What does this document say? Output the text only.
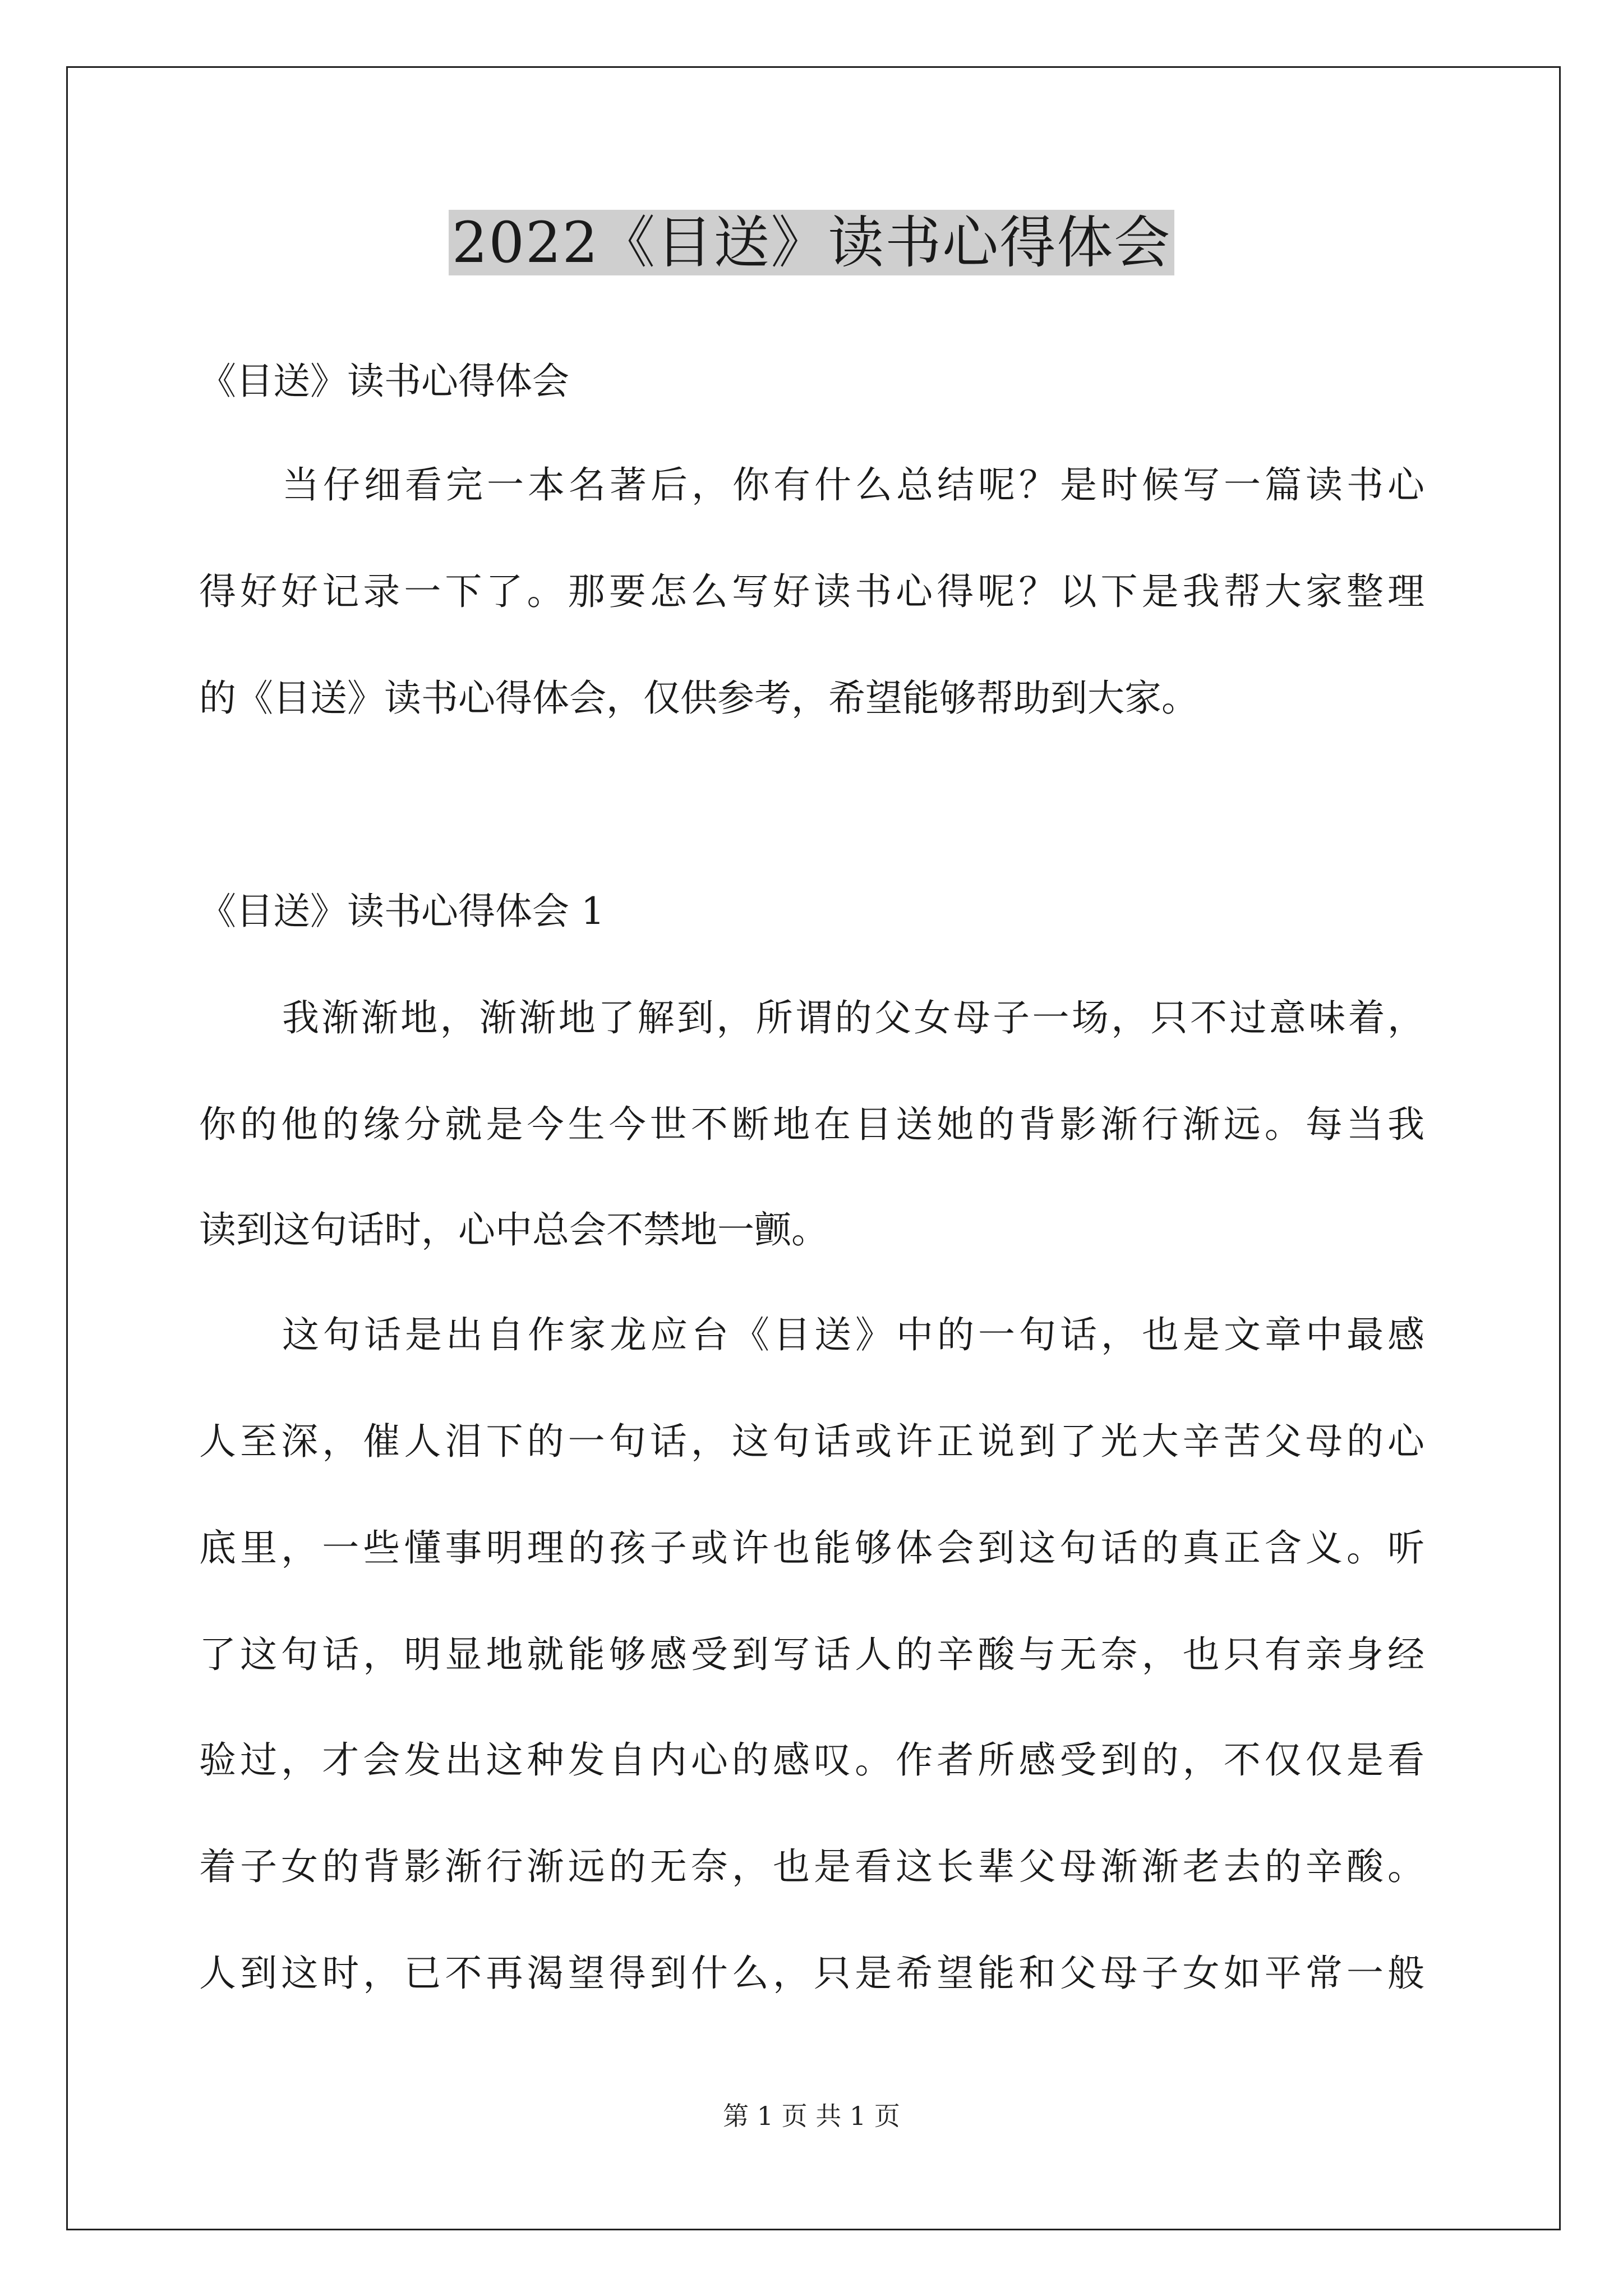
2022《目送》读书心得体会
《目送》读书心得体会
当仔细看完一本名著后，你有什么总结呢？是时候写一篇读书心
得好好记录一下了。那要怎么写好读书心得呢？以下是我帮大家整理
的《目送》读书心得体会，仅供参考，希望能够帮助到大家。
《目送》读书心得体会 1
我渐渐地，渐渐地了解到，所谓的父女母子一场，只不过意味着，
你的他的缘分就是今生今世不断地在目送她的背影渐行渐远。每当我
读到这句话时，心中总会不禁地一颤。
这句话是出自作家龙应台《目送》中的一句话，也是文章中最感
人至深，催人泪下的一句话，这句话或许正说到了光大辛苦父母的心
底里，一些懂事明理的孩子或许也能够体会到这句话的真正含义。听
了这句话，明显地就能够感受到写话人的辛酸与无奈，也只有亲身经
验过，才会发出这种发自内心的感叹。作者所感受到的，不仅仅是看
着子女的背影渐行渐远的无奈，也是看这长辈父母渐渐老去的辛酸。
人到这时，已不再渴望得到什么，只是希望能和父母子女如平常一般
第 1 页 共 1 页
